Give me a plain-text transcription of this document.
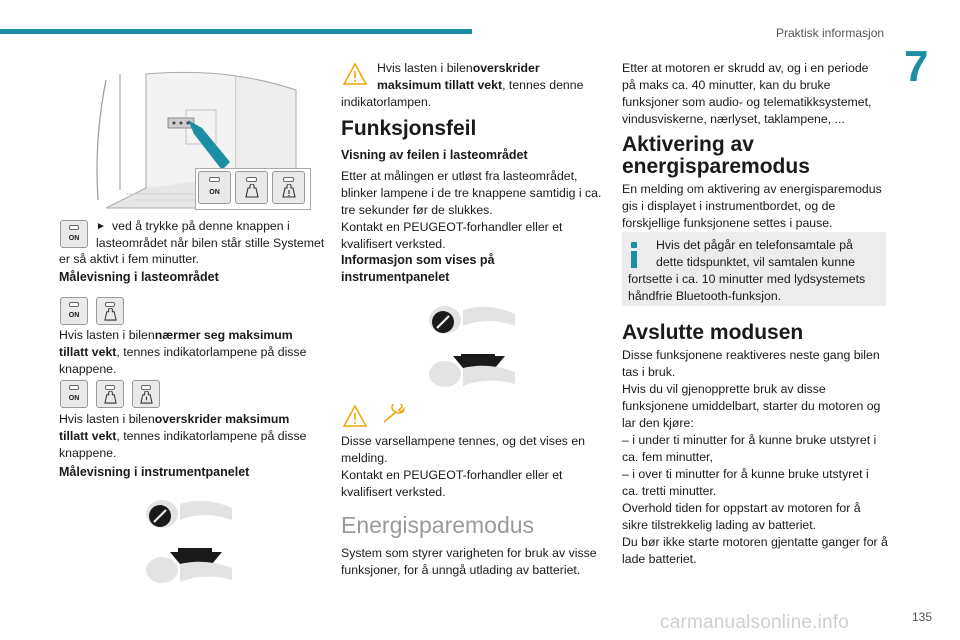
Praktisk informasjon
7
135
ON
ON
► ved å trykke på denne knappen i

lasteområdet når bilen står stille Systemet

er så aktivt i fem minutter.

Målevisning i lasteområdet

ON

Hvis lasten i bilennærmer seg maksimum

tillatt vekt, tennes indikatorlampene på disse

knappene.

ON

Hvis lasten i bilenoverskrider maksimum

tillatt vekt, tennes indikatorlampene på disse

knappene.

Målevisning i instrumentpanelet

Hvis lasten i bilenoverskrider

maksimum tillatt vekt, tennes denne

indikatorlampen.

Funksjonsfeil

Visning av feilen i lasteområdet

Etter at målingen er utløst fra lasteområdet,

blinker lampene i de tre knappene samtidig i ca.

tre sekunder før de slukkes.

Kontakt en PEUGEOT-forhandler eller et

kvalifisert verksted.

Informasjon som vises på

instrumentpanelet

Disse varsellampene tennes, og det vises en

melding.

Kontakt en PEUGEOT-forhandler eller et

kvalifisert verksted.

Energisparemodus

System som styrer varigheten for bruk av visse

funksjoner, for å unngå utlading av batteriet.

Etter at motoren er skrudd av, og i en periode

på maks ca. 40 minutter, kan du bruke

funksjoner som audio- og telematikksystemet,

vindusviskerne, nærlyset, taklampene, ...

Aktivering av

energisparemodus

En melding om aktivering av energisparemodus

gis i displayet i instrumentbordet, og de

forskjellige funksjonene settes i pause.

Hvis det pågår en telefonsamtale på

dette tidspunktet, vil samtalen kunne

fortsette i ca. 10 minutter med lydsystemets

håndfrie Bluetooth-funksjon.

Avslutte modusen

Disse funksjonene reaktiveres neste gang bilen

tas i bruk.

Hvis du vil gjenopprette bruk av disse

funksjonene umiddelbart, starter du motoren og

lar den kjøre:

– i under ti minutter for å kunne bruke utstyret i

ca. fem minutter,

– i over ti minutter for å kunne bruke utstyret i

ca. tretti minutter.

Overhold tiden for oppstart av motoren for å

sikre tilstrekkelig lading av batteriet.

Du bør ikke starte motoren gjentatte ganger for å

lade batteriet.

carmanualsonline.info
